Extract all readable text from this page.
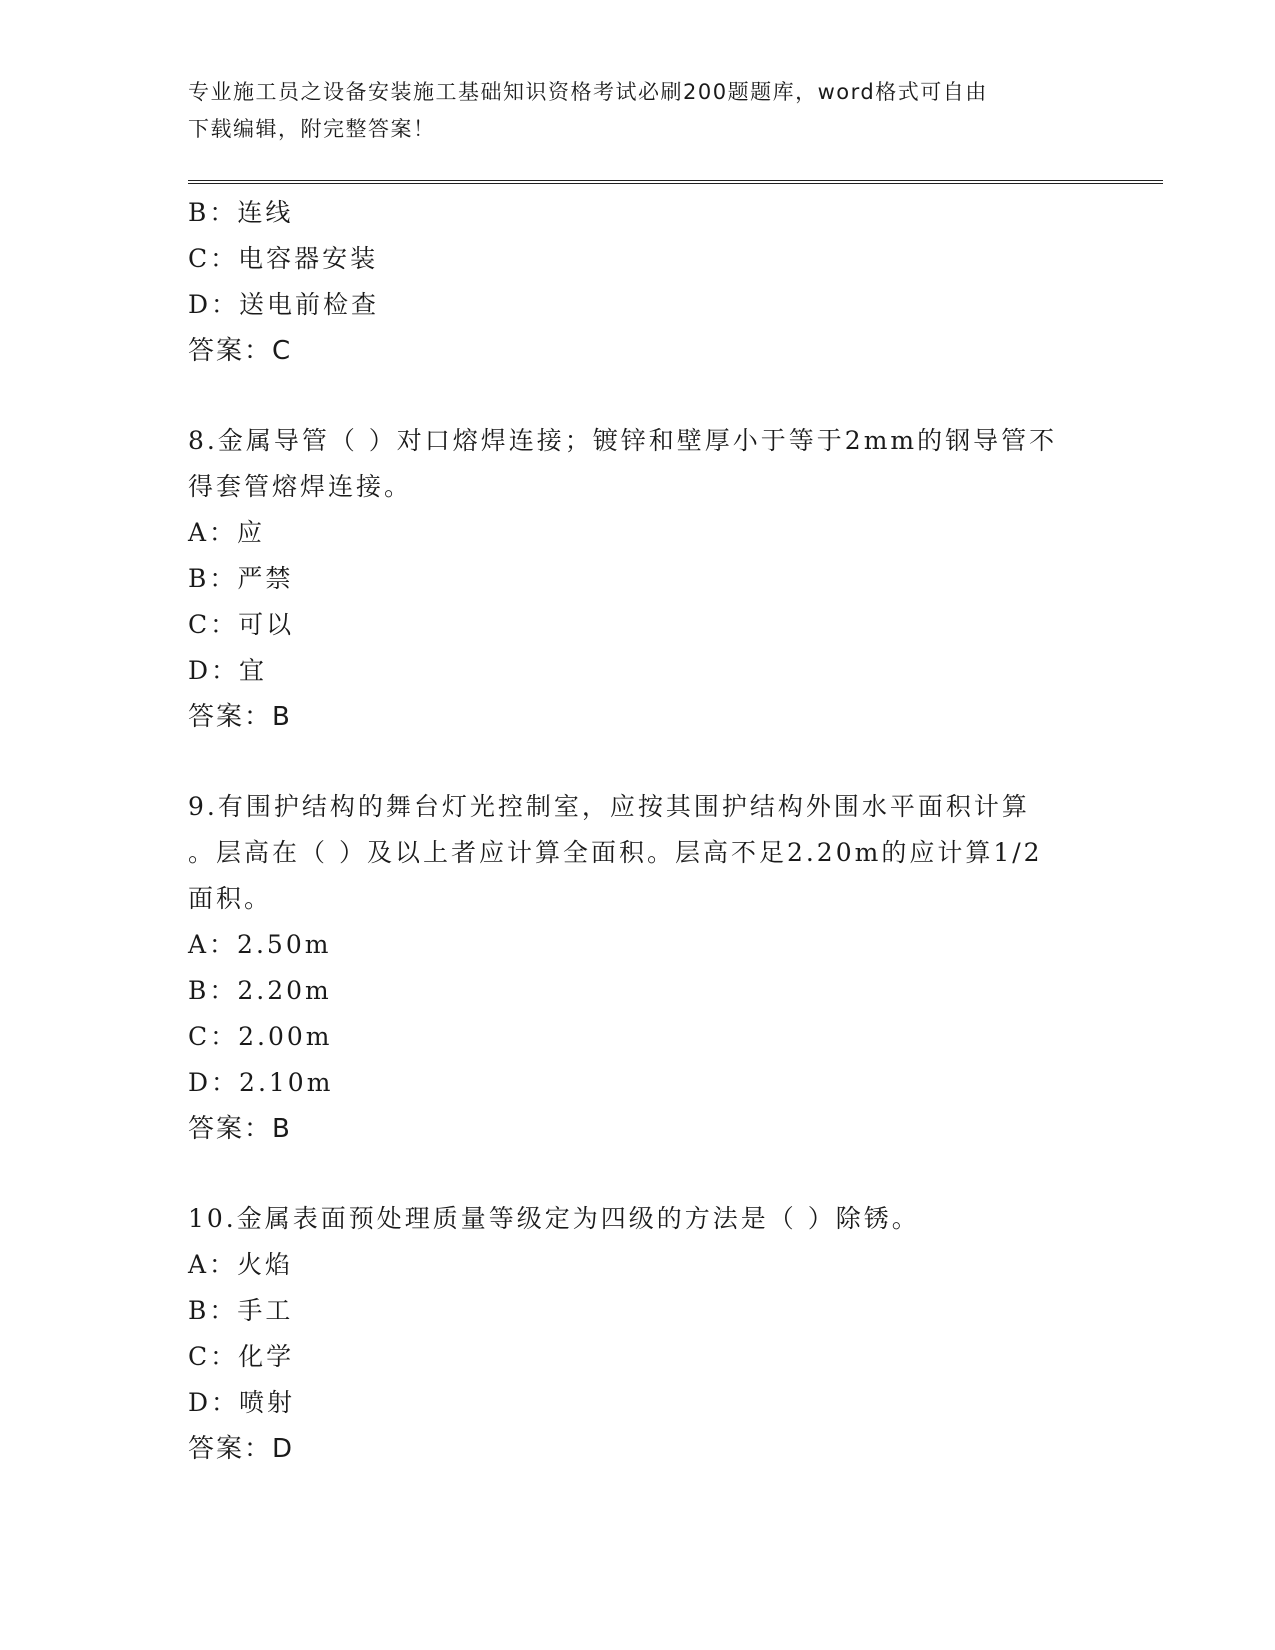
专业施工员之设备安装施工基础知识资格考试必刷200题题库，word格式可自由
下载编辑，附完整答案！
B：连线
C：电容器安装
D：送电前检查
答案：C
8.金属导管（ ）对口熔焊连接；镀锌和壁厚小于等于2mm的钢导管不
得套管熔焊连接。
A：应
B：严禁
C：可以
D：宜
答案：B
9.有围护结构的舞台灯光控制室，应按其围护结构外围水平面积计算
。层高在（ ）及以上者应计算全面积。层高不足2.20m的应计算1/2
面积。
A：2.50m
B：2.20m
C：2.00m
D：2.10m
答案：B
10.金属表面预处理质量等级定为四级的方法是（ ）除锈。
A：火焰
B：手工
C：化学
D：喷射
答案：D
